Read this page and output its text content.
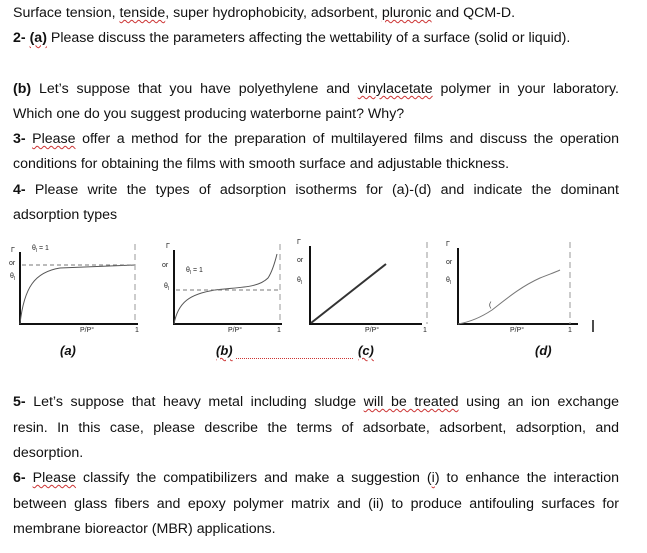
Surface tension, tenside, super hydrophobicity, adsorbent, pluronic and QCM-D.
2- (a) Please discuss the parameters affecting the wettability of a surface (solid or liquid).
(b) Let’s suppose that you have polyethylene and vinylacetate polymer in your laboratory.
Which one do you suggest producing waterborne paint? Why?
3- Please offer a method for the preparation of multilayered films and discuss the operation
conditions for obtaining the films with smooth surface and adjustable thickness.
4- Please write the types of adsorption isotherms for (a)-(d) and indicate the dominant
adsorption types
Γ
or
$\theta_l$
$\theta_l = 1$
P/P°	1
Γ
or
$\theta_l$
$\theta_l = 1$
P/P°	1
Γ
or
$\theta_l$
P/P°	1
Γ
or
$\theta_l$
(
P/P°	1
(a)	(b)	(c)	(d)
5- Let’s suppose that heavy metal including sludge will be treated using an ion exchange
resin. In this case, please describe the terms of adsorbate, adsorbent, adsorption, and
desorption.
6- Please classify the compatibilizers and make a suggestion (i) to enhance the interaction
between glass fibers and epoxy polymer matrix and (ii) to produce antifouling surfaces for
membrane bioreactor (MBR) applications.
